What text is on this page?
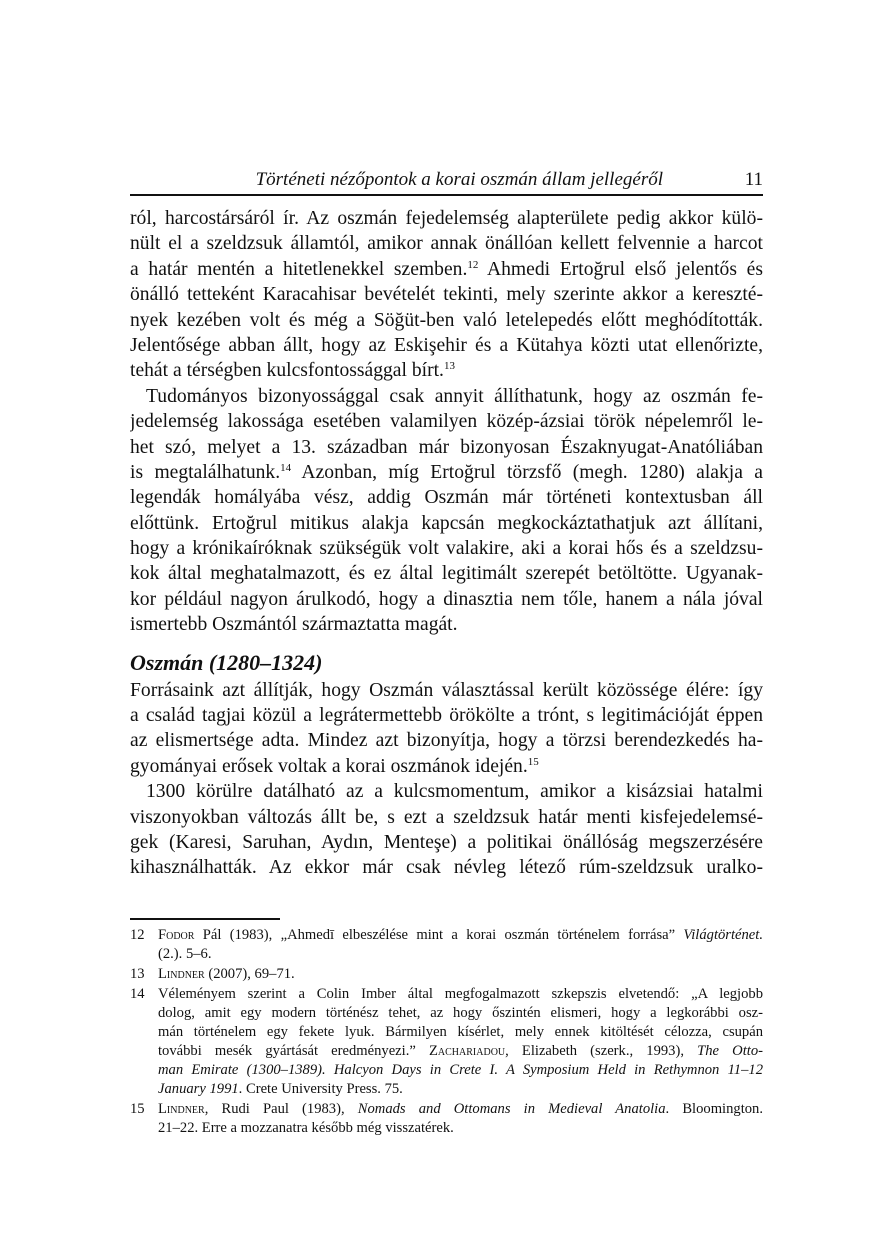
Történeti nézőpontok a korai oszmán állam jellegéről	11
ról, harcostársáról ír. Az oszmán fejedelemség alapterülete pedig akkor külö-
nült el a szeldzsuk államtól, amikor annak önállóan kellett felvennie a harcot
a határ mentén a hitetlenekkel szemben.$^{12}$ Ahmedi Ertoğrul első jelentős és
önálló tetteként Karacahisar bevételét tekinti, mely szerinte akkor a kereszté-
nyek kezében volt és még a Söğüt-ben való letelepedés előtt meghódították.
Jelentősége abban állt, hogy az Eskişehir és a Kütahya közti utat ellenőrizte,
tehát a térségben kulcsfontossággal bírt.$^{13}$
Tudományos bizonyossággal csak annyit állíthatunk, hogy az oszmán fe-
jedelemség lakossága esetében valamilyen közép-ázsiai török népelemről le-
het szó, melyet a 13. században már bizonyosan Északnyugat-Anatóliában
is megtalálhatunk.$^{14}$ Azonban, míg Ertoğrul törzsfő (megh. 1280) alakja a
legendák homályába vész, addig Oszmán már történeti kontextusban áll
előttünk. Ertoğrul mitikus alakja kapcsán megkockáztathatjuk azt állítani,
hogy a krónikaíróknak szükségük volt valakire, aki a korai hős és a szeldzsu-
kok által meghatalmazott, és ez által legitimált szerepét betöltötte. Ugyanak-
kor például nagyon árulkodó, hogy a dinasztia nem tőle, hanem a nála jóval
ismertebb Oszmántól származtatta magát.
Oszmán (1280–1324)
Forrásaink azt állítják, hogy Oszmán választással került közössége élére: így
a család tagjai közül a legrátermettebb örökölte a trónt, s legitimációját éppen
az elismertsége adta. Mindez azt bizonyítja, hogy a törzsi berendezkedés ha-
gyományai erősek voltak a korai oszmánok idején.$^{15}$
1300 körülre datálható az a kulcsmomentum, amikor a kisázsiai hatalmi
viszonyokban változás állt be, s ezt a szeldzsuk határ menti kisfejedelemsé-
gek (Karesi, Saruhan, Aydın, Menteşe) a politikai önállóság megszerzésére
kihasználhatták. Az ekkor már csak névleg létező rúm-szeldzsuk uralko-
12 Fodor Pál (1983), „Ahmedī elbeszélése mint a korai oszmán történelem forrása” Világtörténet.
(2.). 5–6.
13 Lindner (2007), 69–71.
14 Véleményem szerint a Colin Imber által megfogalmazott szkepszis elvetendő: „A legjobb
dolog, amit egy modern történész tehet, az hogy őszintén elismeri, hogy a legkorábbi osz-
mán történelem egy fekete lyuk. Bármilyen kísérlet, mely ennek kitöltését célozza, csupán
további mesék gyártását eredményezi.” Zachariadou, Elizabeth (szerk., 1993), The Otto-
man Emirate (1300–1389). Halcyon Days in Crete I. A Symposium Held in Rethymnon 11–12
January 1991. Crete University Press. 75.
15 Lindner, Rudi Paul (1983), Nomads and Ottomans in Medieval Anatolia. Bloomington.
21–22. Erre a mozzanatra később még visszatérek.
